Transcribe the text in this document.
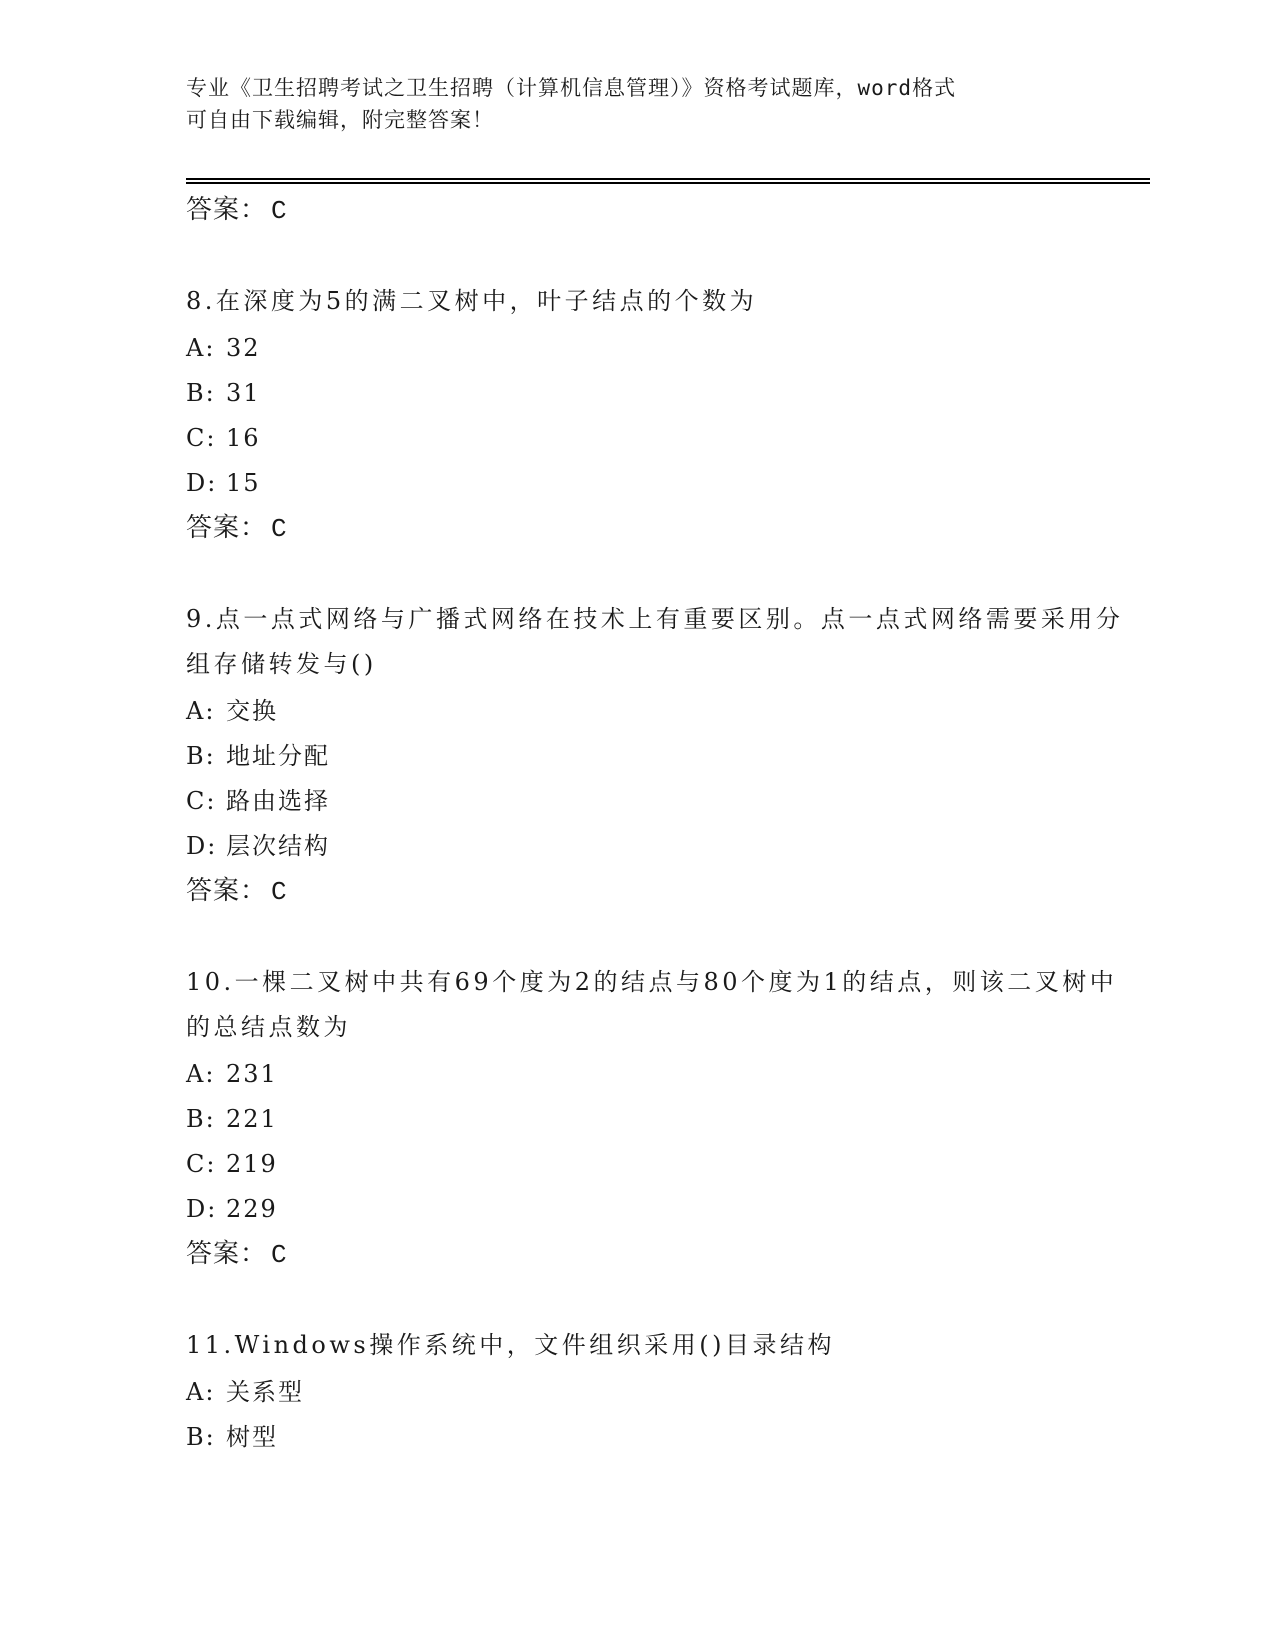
专业《卫生招聘考试之卫生招聘（计算机信息管理）》资格考试题库，word格式
可自由下载编辑，附完整答案！
答案： C
8.在深度为5的满二叉树中，叶子结点的个数为
A: 32
B: 31
C: 16
D: 15
答案： C
9.点一点式网络与广播式网络在技术上有重要区别。点一点式网络需要采用分组存储转发与()
A: 交换
B: 地址分配
C: 路由选择
D: 层次结构
答案： C
10.一棵二叉树中共有69个度为2的结点与80个度为1的结点，则该二叉树中的总结点数为
A: 231
B: 221
C: 219
D: 229
答案： C
11.Windows操作系统中，文件组织采用()目录结构
A: 关系型
B: 树型
